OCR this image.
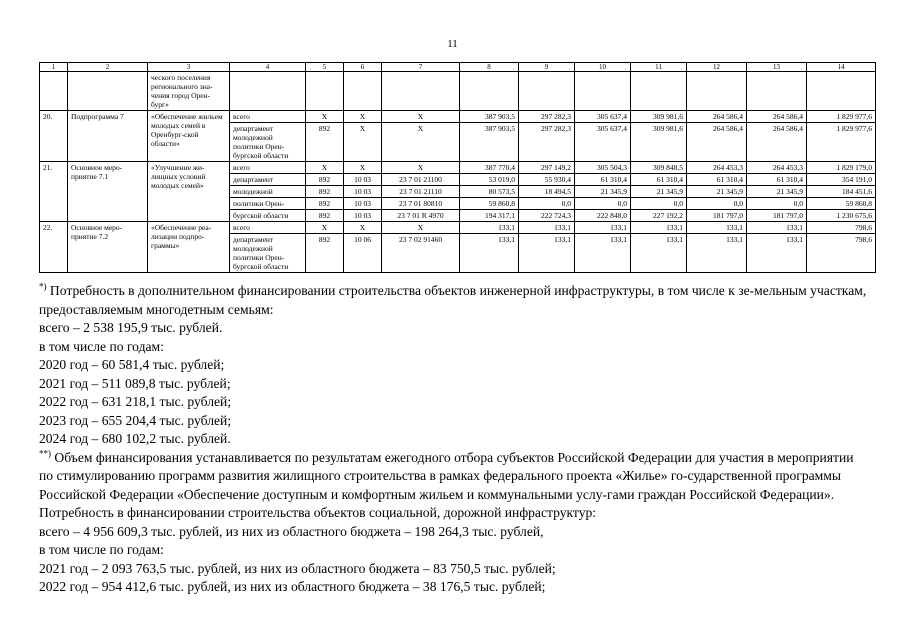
11
1	2	3	4	5	6	7	8	9	10	11	12	13	14
		ческого поселения регионального зна-чения город Орен-бург»											
20.	Подпрограмма 7	«Обеспечение жильем молодых семей в Оренбург-ской области»	всего	X	X	X	387 903,5	297 282,3	305 637,4	309 981,6	264 586,4	264 586,4	1 829 977,6
			департамент молодежной политики Орен-бургской области	892	X	X	387 903,5	297 282,3	305 637,4	309 981,6	264 586,4	264 586,4	1 829 977,6
21.	Основное меро-приятие 7.1	«Улучшение жи-лищных условий молодых семей»	всего	X	X	X	387 770,4	297 149,2	305 504,3	309 848,5	264 453,3	264 453,3	1 829 179,0
			департамент	892	10 03	23 7 01 21100	53 019,0	55 930,4	61 310,4	61 310,4	61 310,4	61 310,4	354 191,0
			молодежной	892	10 03	23 7 01 21110	80 573,5	18 494,5	21 345,9	21 345,9	21 345,9	21 345,9	184 451,6
			политики Орен-	892	10 03	23 7 01 80810	59 860,8	0,0	0,0	0,0	0,0	0,0	59 860,8
			бургской области	892	10 03	23 7 01 R 4970	194 317,1	222 724,3	222 848,0	227 192,2	181 797,0	181 797,0	1 230 675,6
22.	Основное меро-приятие 7.2	«Обеспечение реа-лизации подпро-граммы»	всего	X	X	X	133,1	133,1	133,1	133,1	133,1	133,1	798,6
			департамент молодежной политики Орен-бургской области	892	10 06	23 7 02 91460	133,1	133,1	133,1	133,1	133,1	133,1	798,6

*) Потребность в дополнительном финансировании строительства объектов инженерной инфраструктуры, в том числе к зе-мельным участкам, предоставляемым многодетным семьям:

всего – 2 538 195,9 тыс. рублей.

в том числе по годам:

2020 год – 60 581,4 тыс. рублей;

2021 год – 511 089,8 тыс. рублей;

2022 год – 631 218,1 тыс. рублей;

2023 год – 655 204,4 тыс. рублей;

2024 год – 680 102,2 тыс. рублей.

**) Объем финансирования устанавливается по результатам ежегодного отбора субъектов Российской Федерации для участия в мероприятии по стимулированию программ развития жилищного строительства в рамках федерального проекта «Жилье» го-сударственной программы Российской Федерации «Обеспечение доступным и комфортным жильем и коммунальными услу-гами граждан Российской Федерации».

Потребность в финансировании строительства объектов социальной, дорожной инфраструктур:

всего – 4 956 609,3 тыс. рублей, из них из областного бюджета – 198 264,3 тыс. рублей,

в том числе по годам:

2021 год – 2 093 763,5 тыс. рублей, из них из областного бюджета – 83 750,5 тыс. рублей;

2022 год – 954 412,6 тыс. рублей, из них из областного бюджета – 38 176,5 тыс. рублей;
